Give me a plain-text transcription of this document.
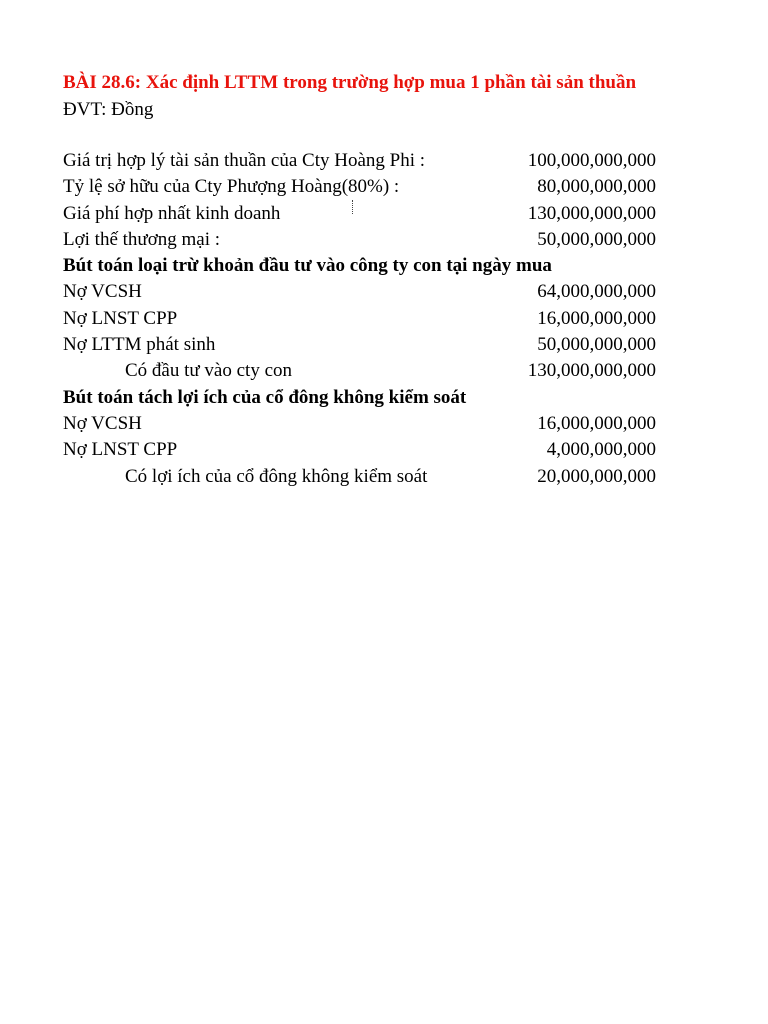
BÀI 28.6: Xác định LTTM trong trường hợp mua 1 phần tài sản thuần
ĐVT: Đồng
Giá trị hợp lý tài sản thuần của Cty Hoàng Phi :	100,000,000,000
Tỷ lệ sở hữu của Cty Phượng Hoàng(80%) :	80,000,000,000
Giá phí hợp nhất kinh doanh	130,000,000,000
Lợi thế thương mại :	50,000,000,000
Bút toán loại trừ khoản đầu tư vào công ty con tại ngày mua
Nợ VCSH	64,000,000,000
Nợ LNST CPP	16,000,000,000
Nợ LTTM phát sinh	50,000,000,000
Có đầu tư vào cty con	130,000,000,000
Bút toán tách lợi ích của cổ đông không kiểm soát
Nợ VCSH	16,000,000,000
Nợ LNST CPP	4,000,000,000
Có lợi ích của cổ đông không kiểm soát	20,000,000,000
